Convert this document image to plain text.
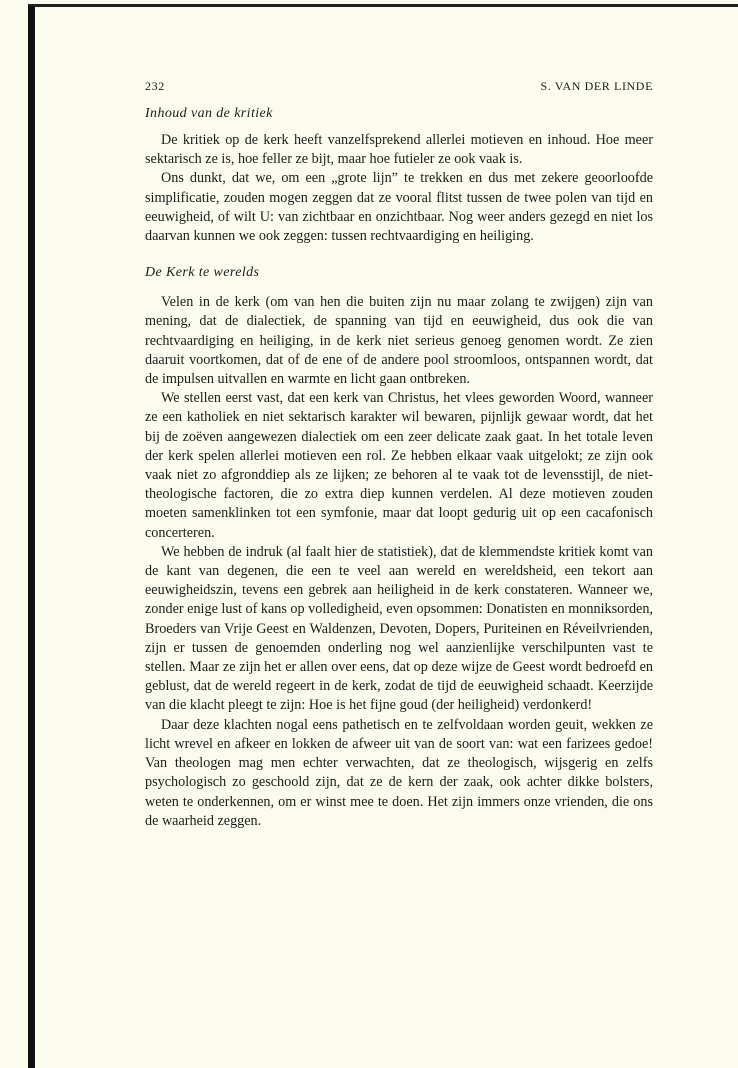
232	S. VAN DER LINDE

Inhoud van de kritiek

De kritiek op de kerk heeft vanzelfsprekend allerlei motieven en inhoud. Hoe meer sektarisch ze is, hoe feller ze bijt, maar hoe futieler ze ook vaak is.

Ons dunkt, dat we, om een „grote lijn” te trekken en dus met zekere geoorloofde simplificatie, zouden mogen zeggen dat ze vooral flitst tussen de twee polen van tijd en eeuwigheid, of wilt U: van zichtbaar en onzichtbaar. Nog weer anders gezegd en niet los daarvan kunnen we ook zeggen: tussen rechtvaardiging en heiliging.

De Kerk te werelds

Velen in de kerk (om van hen die buiten zijn nu maar zolang te zwijgen) zijn van mening, dat de dialectiek, de spanning van tijd en eeuwigheid, dus ook die van rechtvaardiging en heiliging, in de kerk niet serieus genoeg genomen wordt. Ze zien daaruit voortkomen, dat of de ene of de andere pool stroomloos, ontspannen wordt, dat de impulsen uitvallen en warmte en licht gaan ontbreken.

We stellen eerst vast, dat een kerk van Christus, het vlees geworden Woord, wanneer ze een katholiek en niet sektarisch karakter wil bewaren, pijnlijk gewaar wordt, dat het bij de zoëven aangewezen dialectiek om een zeer delicate zaak gaat. In het totale leven der kerk spelen allerlei motieven een rol. Ze hebben elkaar vaak uitgelokt; ze zijn ook vaak niet zo afgronddiep als ze lijken; ze behoren al te vaak tot de levensstijl, de niet-theologische factoren, die zo extra diep kunnen verdelen. Al deze motieven zouden moeten samenklinken tot een symfonie, maar dat loopt gedurig uit op een cacafonisch concerteren.

We hebben de indruk (al faalt hier de statistiek), dat de klemmendste kritiek komt van de kant van degenen, die een te veel aan wereld en wereldsheid, een tekort aan eeuwigheidszin, tevens een gebrek aan heiligheid in de kerk constateren. Wanneer we, zonder enige lust of kans op volledigheid, even opsommen: Donatisten en monniksorden, Broeders van Vrije Geest en Waldenzen, Devoten, Dopers, Puriteinen en Réveilvrienden, zijn er tussen de genoemden onderling nog wel aanzienlijke verschilpunten vast te stellen. Maar ze zijn het er allen over eens, dat op deze wijze de Geest wordt bedroefd en geblust, dat de wereld regeert in de kerk, zodat de tijd de eeuwigheid schaadt. Keerzijde van die klacht pleegt te zijn: Hoe is het fijne goud (der heiligheid) verdonkerd!

Daar deze klachten nogal eens pathetisch en te zelfvoldaan worden geuit, wekken ze licht wrevel en afkeer en lokken de afweer uit van de soort van: wat een farizees gedoe! Van theologen mag men echter verwachten, dat ze theologisch, wijsgerig en zelfs psychologisch zo geschoold zijn, dat ze de kern der zaak, ook achter dikke bolsters, weten te onderkennen, om er winst mee te doen. Het zijn immers onze vrienden, die ons de waarheid zeggen.
